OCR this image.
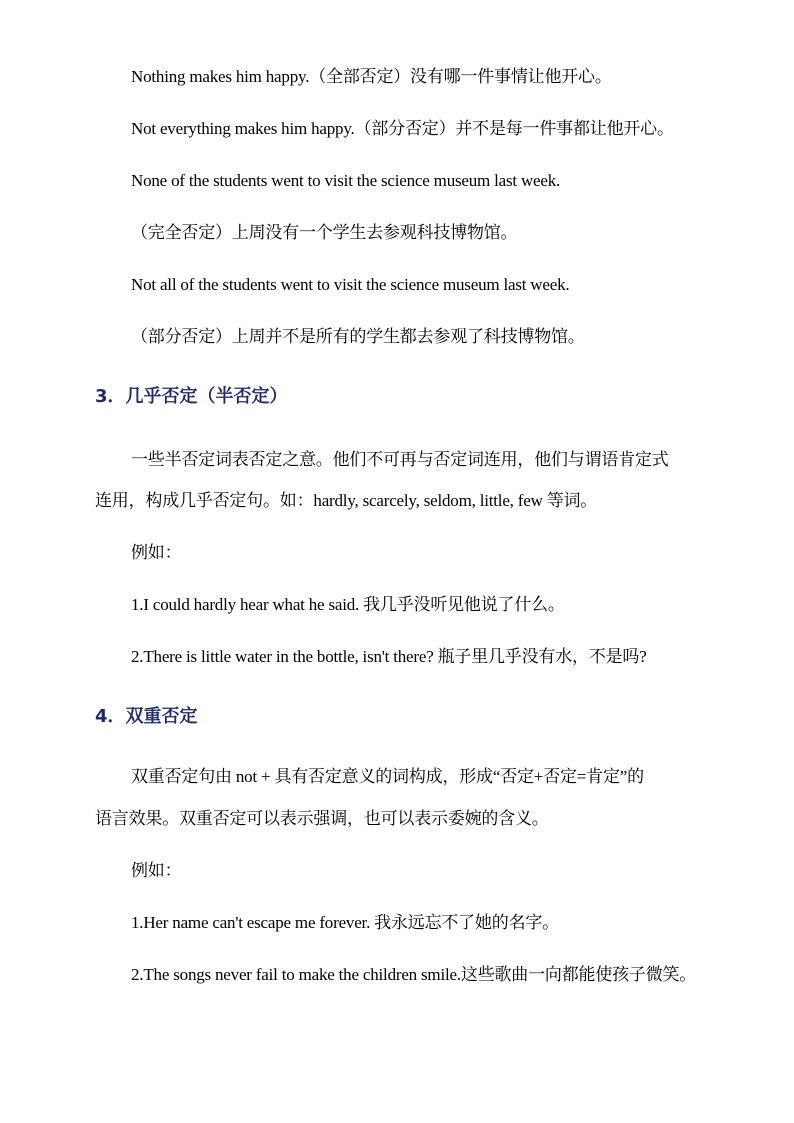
Nothing makes him happy.（全部否定）没有哪一件事情让他开心。
Not everything makes him happy.（部分否定）并不是每一件事都让他开心。
None of the students went to visit the science museum last week.
（完全否定）上周没有一个学生去参观科技博物馆。
Not all of the students went to visit the science museum last week.
（部分否定）上周并不是所有的学生都去参观了科技博物馆。
3．几乎否定（半否定）
一些半否定词表否定之意。他们不可再与否定词连用，他们与谓语肯定式
连用，构成几乎否定句。如：hardly, scarcely, seldom, little, few 等词。
例如：
1.I could hardly hear what he said. 我几乎没听见他说了什么。
2.There is little water in the bottle, isn't there? 瓶子里几乎没有水，不是吗?
4．双重否定
双重否定句由 not + 具有否定意义的词构成，形成“否定+否定=肯定”的
语言效果。双重否定可以表示强调，也可以表示委婉的含义。
例如：
1.Her name can't escape me forever. 我永远忘不了她的名字。
2.The songs never fail to make the children smile.这些歌曲一向都能使孩子微笑。
